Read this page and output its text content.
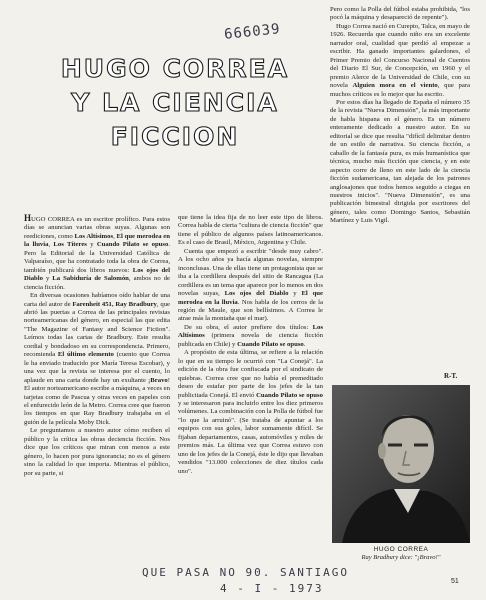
666039
HUGO CORREA
Y LA CIENCIA
FICCION

HUGO CORREA es un escritor prolífico. Para estos días se anuncian varias obras suyas. Algunas son reediciones, como Los Altísimos, El que merodea en la lluvia, Los Títeres y Cuando Pilato se opuso. Pero la Editorial de la Universidad Católica de Valparaíso, que ha contratado toda la obra de Correa, también publicará dos libros nuevos: Los ojos del Diablo y La Sabiduría de Salomón, ambos no de ciencia ficción.

En diversas ocasiones habíamos oído hablar de una carta del autor de Farenheit 451, Ray Bradbury, que abrió las puertas a Correa de las principales revistas norteamericanas del género, en especial las que edita "The Magazine of Fantasy and Science Fiction". Leímos todas las cartas de Bradbury. Este resulta cordial y bondadoso en su correspondencia. Primero, recomienda El último elemento (cuento que Correa le ha enviado traducido por María Teresa Escobar), y una vez que la revista se interesa por el cuento, lo aplaude en una carta donde hay un exultante ¡Bravo! El autor norteamericano escribe a máquina, a veces en tarjetas como de Pascua y otras veces en papeles con el enfurecido león de la Metro. Correa cree que fueron los tiempos en que Ray Bradbury trabajaba en el guión de la película Moby Dick.

Le preguntamos a nuestro autor cómo reciben el público y la crítica las obras deciencia ficción. Nos dice que los críticos que miran con menos a este género, lo hacen por pura ignorancia; no es el género sino la calidad lo que importa. Mientras el público, por su parte, si

que tiene la idea fija de no leer este tipo de libros. Correa habla de cierta "cultura de ciencia ficción" que tiene el público de algunos países latinoamericanos. Es el caso de Brasil, México, Argentina y Chile.

Cuenta que empezó a escribir "desde muy cabro". A los ocho años ya hacía algunas novelas, siempre inconclusas. Una de ellas tiene un protagonista que se iba a la cordillera después del sitio de Rancagua (La cordillera es un tema que aparece por lo menos en dos novelas suyas, Los ojos del Diablo y El que merodea en la lluvia. Nos habla de los cerros de la región de Maule, que son bellísimos. A Correa le atrae más la montaña que el mar).

De su obra, el autor prefiere dos títulos: Los Altísimos (primera novela de ciencia ficción publicada en Chile) y Cuando Pilato se opuso.

A propósito de esta última, se refiere a la relación lo que en su tiempo le ocurrió con "La Conejá". La edición de la obra fue confiscada por el sindicato de quiebras. Correa cree que no había el premeditado deseo de estafar por parte de los jefes de la tan publicitada Conejá. El envió Cuando Pilato se opuso y se interesaron para incluirlo entre los diez primeros volúmenes. La combinación con la Polla de fútbol fue "lo que la arruinó". (Se trataba de apuntar a los equipos con sus goles, labor sumamente difícil. Se fijaban departamentos, casas, automóviles y miles de premios más. La última vez que Correa estuvo con uno de los jefes de la Conejá, éste le dijo que llevaban vendidos "13.000 colecciones de diez títulos cada uno".

Pero como la Polla del fútbol estaba prohibida, "los pocó la máquina y desapareció de repente").

Hugo Correa nació en Curepto, Talca, en mayo de 1926. Recuerda que cuando niño era un excelente narrador oral, cualidad que perdió al empezar a escribir. Ha ganado importantes galardones, el Primer Premio del Concurso Nacional de Cuentos del Diario El Sur, de Concepción, en 1960 y el premio Alerce de la Universidad de Chile, con su novela Alguien mora en el viento, que para muchos críticos es lo mejor que ha escrito.

Por estos días ha llegado de España el número 35 de la revista "Nueva Dimensión", la más importante de habla hispana en el género. Es un número enteramente dedicado a nuestro autor. En su editorial se dice que resulta "difícil delimitar dentro de un estilo de narrativa. Su ciencia ficción, a caballo de la fantasía pura, es más humanística que técnica, mucho más ficción que ciencia, y en este aspecto corre de lleno en este lado de la ciencia ficción sudamericana, tan alejada de los patrones anglosajones que todos hemos seguido a ciegas en nuestros inicios". "Nueva Dimensión", es una publicación bimestral dirigida por escritores del género, tales como Domingo Santos, Sebastián Martínez y Luis Vigil.

R-T.
HUGO CORREA
Ray Bradbury dice: "¡Bravo!"
QUE PASA NO 90. SANTIAGO
4 - I - 1973
51
